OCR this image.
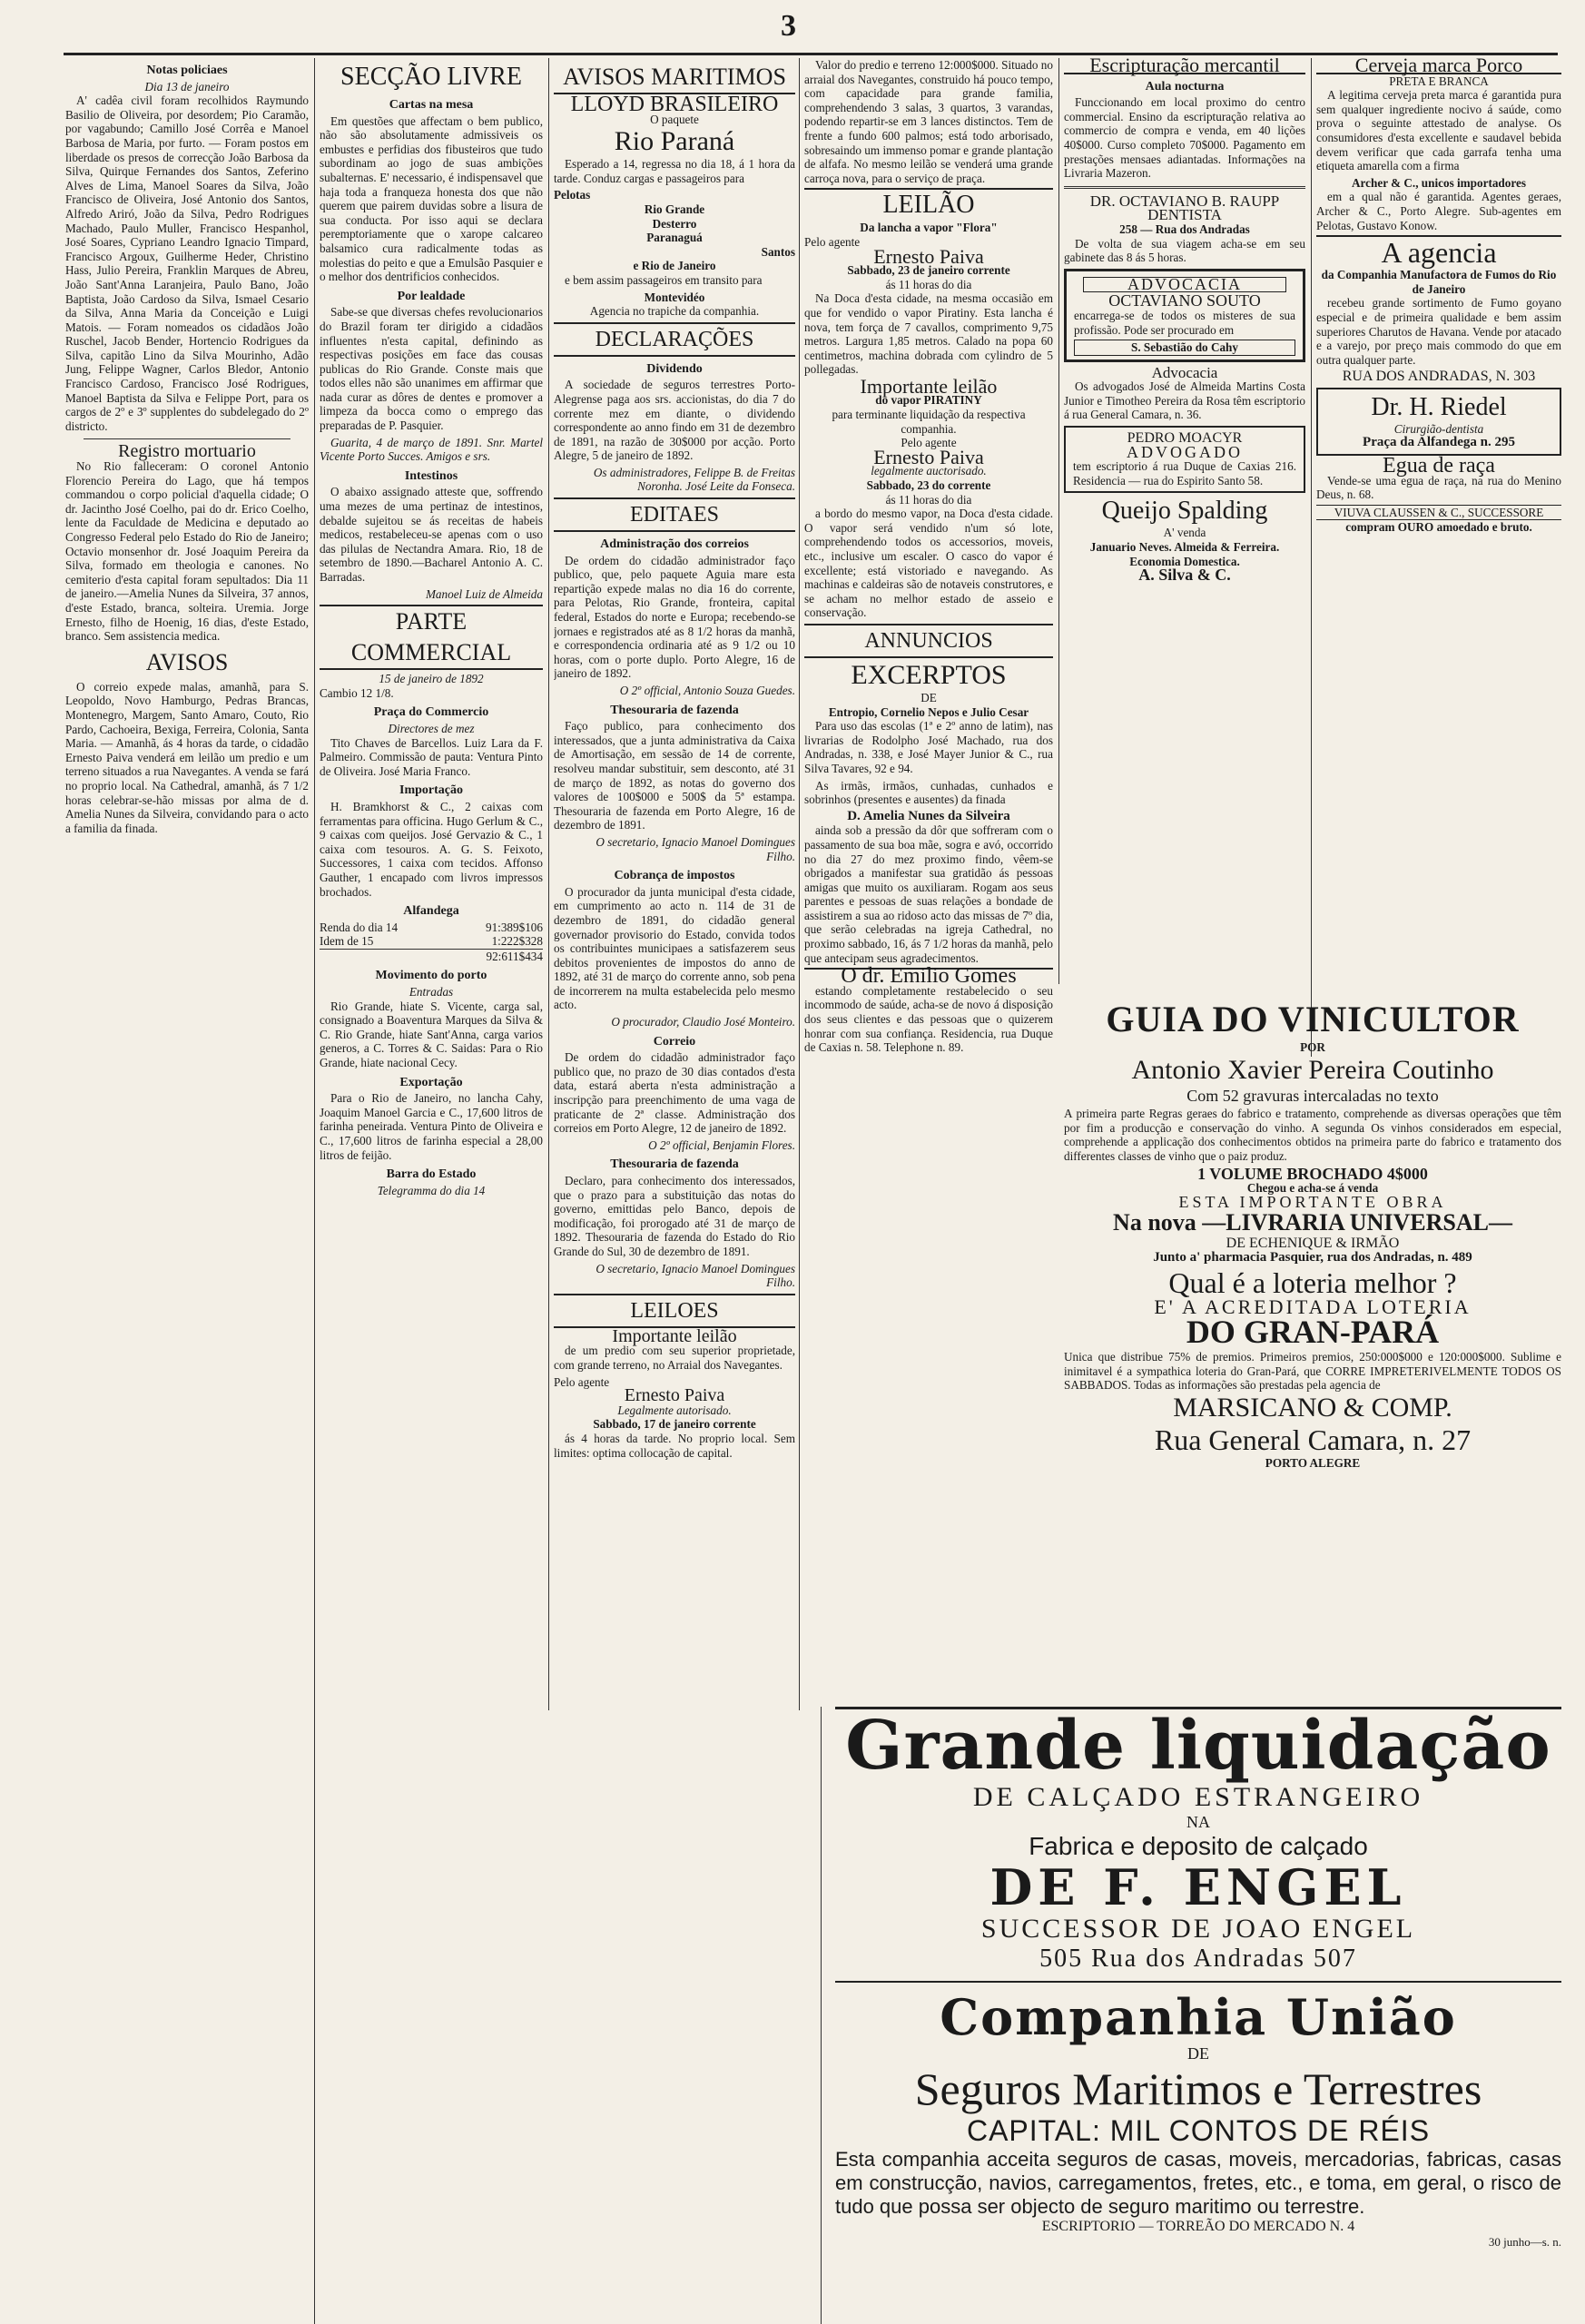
3
Notas policiaes
Dia 13 de janeiro

A' cadêa civil foram recolhidos Raymundo Basilio de Oliveira, por desordem; Pio Caramão, por vagabundo; Camillo José Corrêa e Manoel Barbosa de Maria, por furto. — Foram postos em liberdade os presos de correcção João Barbosa da Silva, Quirque Fernandes dos Santos, Zeferino Alves de Lima, Manoel Soares da Silva, João Francisco de Oliveira, José Antonio dos Santos, Alfredo Ariró, João da Silva, Pedro Rodrigues Machado, Paulo Muller, Francisco Hespanhol, José Soares, Cypriano Leandro Ignacio Timpard, Francisco Argoux, Guilherme Heder, Christino Hass, Julio Pereira, Franklin Marques de Abreu, João Sant'Anna Laranjeira, Paulo Bano, João Baptista, João Cardoso da Silva, Ismael Cesario da Silva, Anna Maria da Conceição e Luigi Matois. — Foram nomeados os cidadãos João Ruschel, Jacob Bender, Hortencio Rodrigues da Silva, capitão Lino da Silva Mourinho, Adão Jung, Felippe Wagner, Carlos Bledor, Antonio Francisco Cardoso, Francisco José Rodrigues, Manoel Baptista da Silva e Felippe Port, para os cargos de 2º e 3º supplentes do subdelegado do 2º districto.

Registro mortuario

No Rio falleceram: O coronel Antonio Florencio Pereira do Lago, que há tempos commandou o corpo policial d'aquella cidade; O dr. Jacintho José Coelho, pai do dr. Erico Coelho, lente da Faculdade de Medicina e deputado ao Congresso Federal pelo Estado do Rio de Janeiro; Octavio monsenhor dr. José Joaquim Pereira da Silva, formado em theologia e canones. No cemiterio d'esta capital foram sepultados: Dia 11 de janeiro.—Amelia Nunes da Silveira, 37 annos, d'este Estado, branca, solteira. Uremia. Jorge Ernesto, filho de Hoenig, 16 dias, d'este Estado, branco. Sem assistencia medica.

AVISOS

O correio expede malas, amanhã, para S. Leopoldo, Novo Hamburgo, Pedras Brancas, Montenegro, Margem, Santo Amaro, Couto, Rio Pardo, Cachoeira, Bexiga, Ferreira, Colonia, Santa Maria. — Amanhã, ás 4 horas da tarde, o cidadão Ernesto Paiva venderá em leilão um predio e um terreno situados a rua Navegantes. A venda se fará no proprio local. Na Cathedral, amanhã, ás 7 1/2 horas celebrar-se-hão missas por alma de d. Amelia Nunes da Silveira, convidando para o acto a familia da finada.

SECÇÃO LIVRE
Cartas na mesa

Em questões que affectam o bem publico, não são absolutamente admissiveis os embustes e perfidias dos fibusteiros que tudo subordinam ao jogo de suas ambições subalternas. E' necessario, é indispensavel que haja toda a franqueza honesta dos que não querem que pairem duvidas sobre a lisura de sua conducta. Por isso aqui se declara peremptoriamente que o xarope calcareo balsamico cura radicalmente todas as molestias do peito e que a Emulsão Pasquier e o melhor dos dentrificios conhecidos.

Por lealdade

Sabe-se que diversas chefes revolucionarios do Brazil foram ter dirigido a cidadãos influentes n'esta capital, definindo as respectivas posições em face das cousas publicas do Rio Grande. Conste mais que todos elles não são unanimes em affirmar que nada curar as dôres de dentes e promover a limpeza da bocca como o emprego das preparadas de P. Pasquier.

Guarita, 4 de março de 1891. Snr. Martel Vicente Porto Succes. Amigos e srs.

Intestinos

O abaixo assignado atteste que, soffrendo uma mezes de uma pertinaz de intestinos, debalde sujeitou se ás receitas de habeis medicos, restabeleceu-se apenas com o uso das pilulas de Nectandra Amara. Rio, 18 de setembro de 1890.—Bacharel Antonio A. C. Barradas.

Manoel Luiz de Almeida
PARTE COMMERCIAL
15 de janeiro de 1892
Cambio 12 1/8.
Praça do Commercio
Directores de mez

Tito Chaves de Barcellos. Luiz Lara da F. Palmeiro. Commissão de pauta: Ventura Pinto de Oliveira. José Maria Franco.

Importação

H. Bramkhorst & C., 2 caixas com ferramentas para officina. Hugo Gerlum & C., 9 caixas com queijos. José Gervazio & C., 1 caixa com tesouros. A. G. S. Feixoto, Successores, 1 caixa com tecidos. Affonso Gauther, 1 encapado com livros impressos brochados.

Alfandega
Renda do dia 14	91:389$106
Idem de 15	1:222$328
92:611$434
Movimento do porto
Entradas

Rio Grande, hiate S. Vicente, carga sal, consignado a Boaventura Marques da Silva & C. Rio Grande, hiate Sant'Anna, carga varios generos, a C. Torres & C. Saidas: Para o Rio Grande, hiate nacional Cecy.

Exportação

Para o Rio de Janeiro, no lancha Cahy, Joaquim Manoel Garcia e C., 17,600 litros de farinha peneirada. Ventura Pinto de Oliveira e C., 17,600 litros de farinha especial a 28,00 litros de feijão.

Barra do Estado
Telegramma do dia 14
AVISOS MARITIMOS
LLOYD BRASILEIRO
O paquete
Rio Paraná

Esperado a 14, regressa no dia 18, á 1 hora da tarde. Conduz cargas e passageiros para

Pelotas
Rio Grande
Desterro
Paranaguá
Santos
e Rio de Janeiro

e bem assim passageiros em transito para

Montevidéo
Agencia no trapiche da companhia.
DECLARAÇÕES
Dividendo

A sociedade de seguros terrestres Porto-Alegrense paga aos srs. accionistas, do dia 7 do corrente mez em diante, o dividendo correspondente ao anno findo em 31 de dezembro de 1891, na razão de 30$000 por acção. Porto Alegre, 5 de janeiro de 1892.

Os administradores, Felippe B. de Freitas Noronha. José Leite da Fonseca.

EDITAES
Administração dos correios

De ordem do cidadão administrador faço publico, que, pelo paquete Aguia mare esta repartição expede malas no dia 16 do corrente, para Pelotas, Rio Grande, fronteira, capital federal, Estados do norte e Europa; recebendo-se jornaes e registrados até as 8 1/2 horas da manhã, e correspondencia ordinaria até as 9 1/2 ou 10 horas, com o porte duplo. Porto Alegre, 16 de janeiro de 1892.

O 2º official, Antonio Souza Guedes.

Thesouraria de fazenda

Faço publico, para conhecimento dos interessados, que a junta administrativa da Caixa de Amortisação, em sessão de 14 de corrente, resolveu mandar substituir, sem desconto, até 31 de março de 1892, as notas do governo dos valores de 100$000 e 500$ da 5ª estampa. Thesouraria de fazenda em Porto Alegre, 16 de dezembro de 1891.

O secretario, Ignacio Manoel Domingues Filho.

Cobrança de impostos

O procurador da junta municipal d'esta cidade, em cumprimento ao acto n. 114 de 31 de dezembro de 1891, do cidadão general governador provisorio do Estado, convida todos os contribuintes municipaes a satisfazerem seus debitos provenientes de impostos do anno de 1892, até 31 de março do corrente anno, sob pena de incorrerem na multa estabelecida pelo mesmo acto.

O procurador, Claudio José Monteiro.

Correio

De ordem do cidadão administrador faço publico que, no prazo de 30 dias contados d'esta data, estará aberta n'esta administração a inscripção para preenchimento de uma vaga de praticante de 2ª classe. Administração dos correios em Porto Alegre, 12 de janeiro de 1892.

O 2º official, Benjamin Flores.

Thesouraria de fazenda

Declaro, para conhecimento dos interessados, que o prazo para a substituição das notas do governo, emittidas pelo Banco, depois de modificação, foi prorogado até 31 de março de 1892. Thesouraria de fazenda do Estado do Rio Grande do Sul, 30 de dezembro de 1891.

O secretario, Ignacio Manoel Domingues Filho.

LEILOES
Importante leilão

de um predio com seu superior proprietade, com grande terreno, no Arraial dos Navegantes.

Pelo agente
Ernesto Paiva
Legalmente autorisado.
Sabbado, 17 de janeiro corrente

ás 4 horas da tarde. No proprio local. Sem limites: optima collocação de capital.

Valor do predio e terreno 12:000$000. Situado no arraial dos Navegantes, construido há pouco tempo, com capacidade para grande familia, comprehendendo 3 salas, 3 quartos, 3 varandas, podendo repartir-se em 3 lances distinctos. Tem de frente a fundo 600 palmos; está todo arborisado, sobresaindo um immenso pomar e grande plantação de alfafa. No mesmo leilão se venderá uma grande carroça nova, para o serviço de praça.

LEILÃO
Da lancha a vapor "Flora"
Pelo agente
Ernesto Paiva
Sabbado, 23 de janeiro corrente
ás 11 horas do dia

Na Doca d'esta cidade, na mesma occasião em que for vendido o vapor Piratiny. Esta lancha é nova, tem força de 7 cavallos, comprimento 9,75 metros. Largura 1,85 metros. Calado na popa 60 centimetros, machina dobrada com cylindro de 5 pollegadas.

Importante leilão
do vapor PIRATINY
para terminante liquidação da respectiva companhia.
Pelo agente
Ernesto Paiva
legalmente auctorisado.
Sabbado, 23 do corrente
ás 11 horas do dia

a bordo do mesmo vapor, na Doca d'esta cidade. O vapor será vendido n'um só lote, comprehendendo todos os accessorios, moveis, etc., inclusive um escaler. O casco do vapor é excellente; está vistoriado e navegando. As machinas e caldeiras são de notaveis construtores, e se acham no melhor estado de asseio e conservação.

ANNUNCIOS
EXCERPTOS
DE
Entropio, Cornelio Nepos e Julio Cesar

Para uso das escolas (1ª e 2º anno de latim), nas livrarias de Rodolpho José Machado, rua dos Andradas, n. 338, e José Mayer Junior & C., rua Silva Tavares, 92 e 94.

As irmãs, irmãos, cunhadas, cunhados e sobrinhos (presentes e ausentes) da finada

D. Amelia Nunes da Silveira

ainda sob a pressão da dôr que soffreram com o passamento de sua boa mãe, sogra e avó, occorrido no dia 27 do mez proximo findo, vêem-se obrigados a manifestar sua gratidão ás pessoas amigas que muito os auxiliaram. Rogam aos seus parentes e pessoas de suas relações a bondade de assistirem a sua ao ridoso acto das missas de 7º dia, que serão celebradas na igreja Cathedral, no proximo sabbado, 16, ás 7 1/2 horas da manhã, pelo que antecipam seus agradecimentos.

O dr. Emilio Gomes

estando completamente restabelecido o seu incommodo de saúde, acha-se de novo á disposição dos seus clientes e das pessoas que o quizerem honrar com sua confiança. Residencia, rua Duque de Caxias n. 58. Telephone n. 89.

Escripturação mercantil
Aula nocturna

Funccionando em local proximo do centro commercial. Ensino da escripturação relativa ao commercio de compra e venda, em 40 lições 40$000. Curso completo 70$000. Pagamento em prestações mensaes adiantadas. Informações na Livraria Mazeron.

DR. OCTAVIANO B. RAUPP
DENTISTA
258 — Rua dos Andradas

De volta de sua viagem acha-se em seu gabinete das 8 ás 5 horas.

ADVOCACIA
OCTAVIANO SOUTO
encarrega-se de todos os misteres de sua profissão. Pode ser procurado em
S. Sebastião do Cahy
Advocacia

Os advogados José de Almeida Martins Costa Junior e Timotheo Pereira da Rosa têm escriptorio á rua General Camara, n. 36.

PEDRO MOACYR
ADVOGADO
tem escriptorio á rua Duque de Caxias 216. Residencia — rua do Espirito Santo 58.
Queijo Spalding
A' venda
Januario Neves. Almeida & Ferreira. Economia Domestica.
A. Silva & C.
Cerveja marca Porco
PRETA E BRANCA

A legitima cerveja preta marca é garantida pura sem qualquer ingrediente nocivo á saúde, como prova o seguinte attestado de analyse. Os consumidores d'esta excellente e saudavel bebida devem verificar que cada garrafa tenha uma etiqueta amarella com a firma

Archer & C., unicos importadores

em a qual não é garantida. Agentes geraes, Archer & C., Porto Alegre. Sub-agentes em Pelotas, Gustavo Konow.

A agencia
da Companhia Manufactora de Fumos do Rio de Janeiro

recebeu grande sortimento de Fumo goyano especial e de primeira qualidade e bem assim superiores Charutos de Havana. Vende por atacado e a varejo, por preço mais commodo do que em outra qualquer parte.

RUA DOS ANDRADAS, N. 303
Dr. H. Riedel
Cirurgião-dentista
Praça da Alfandega n. 295
Egua de raça

Vende-se uma egua de raça, na rua do Menino Deus, n. 68.

VIUVA CLAUSSEN & C., SUCCESSORE
compram OURO amoedado e bruto.
GUIA DO VINICULTOR
POR
Antonio Xavier Pereira Coutinho
Com 52 gravuras intercaladas no texto
A primeira parte Regras geraes do fabrico e tratamento, comprehende as diversas operações que têm por fim a producção e conservação do vinho. A segunda Os vinhos considerados em especial, comprehende a applicação dos conhecimentos obtidos na primeira parte do fabrico e tratamento dos differentes classes de vinho que o paiz produz.
1 VOLUME BROCHADO 4$000
Chegou e acha-se á venda
ESTA IMPORTANTE OBRA
Na nova —LIVRARIA UNIVERSAL—
DE ECHENIQUE & IRMÃO
Junto a' pharmacia Pasquier, rua dos Andradas, n. 489
Qual é a loteria melhor ?
E' A ACREDITADA LOTERIA
DO GRAN-PARÁ
Unica que distribue 75% de premios. Primeiros premios, 250:000$000 e 120:000$000. Sublime e inimitavel é a sympathica loteria do Gran-Pará, que CORRE IMPRETERIVELMENTE TODOS OS SABBADOS. Todas as informações são prestadas pela agencia de
MARSICANO & COMP.
Rua General Camara, n. 27
PORTO ALEGRE
Grande liquidação
DE CALÇADO ESTRANGEIRO
NA
Fabrica e deposito de calçado
DE F. ENGEL
SUCCESSOR DE JOAO ENGEL
505 Rua dos Andradas 507
Companhia União
DE
Seguros Maritimos e Terrestres
CAPITAL: MIL CONTOS DE RÉIS
Esta companhia acceita seguros de casas, moveis, mercadorias, fabricas, casas em construcção, navios, carregamentos, fretes, etc., e toma, em geral, o risco de tudo que possa ser objecto de seguro maritimo ou terrestre.
ESCRIPTORIO — TORREÃO DO MERCADO N. 4
30 junho—s. n.
